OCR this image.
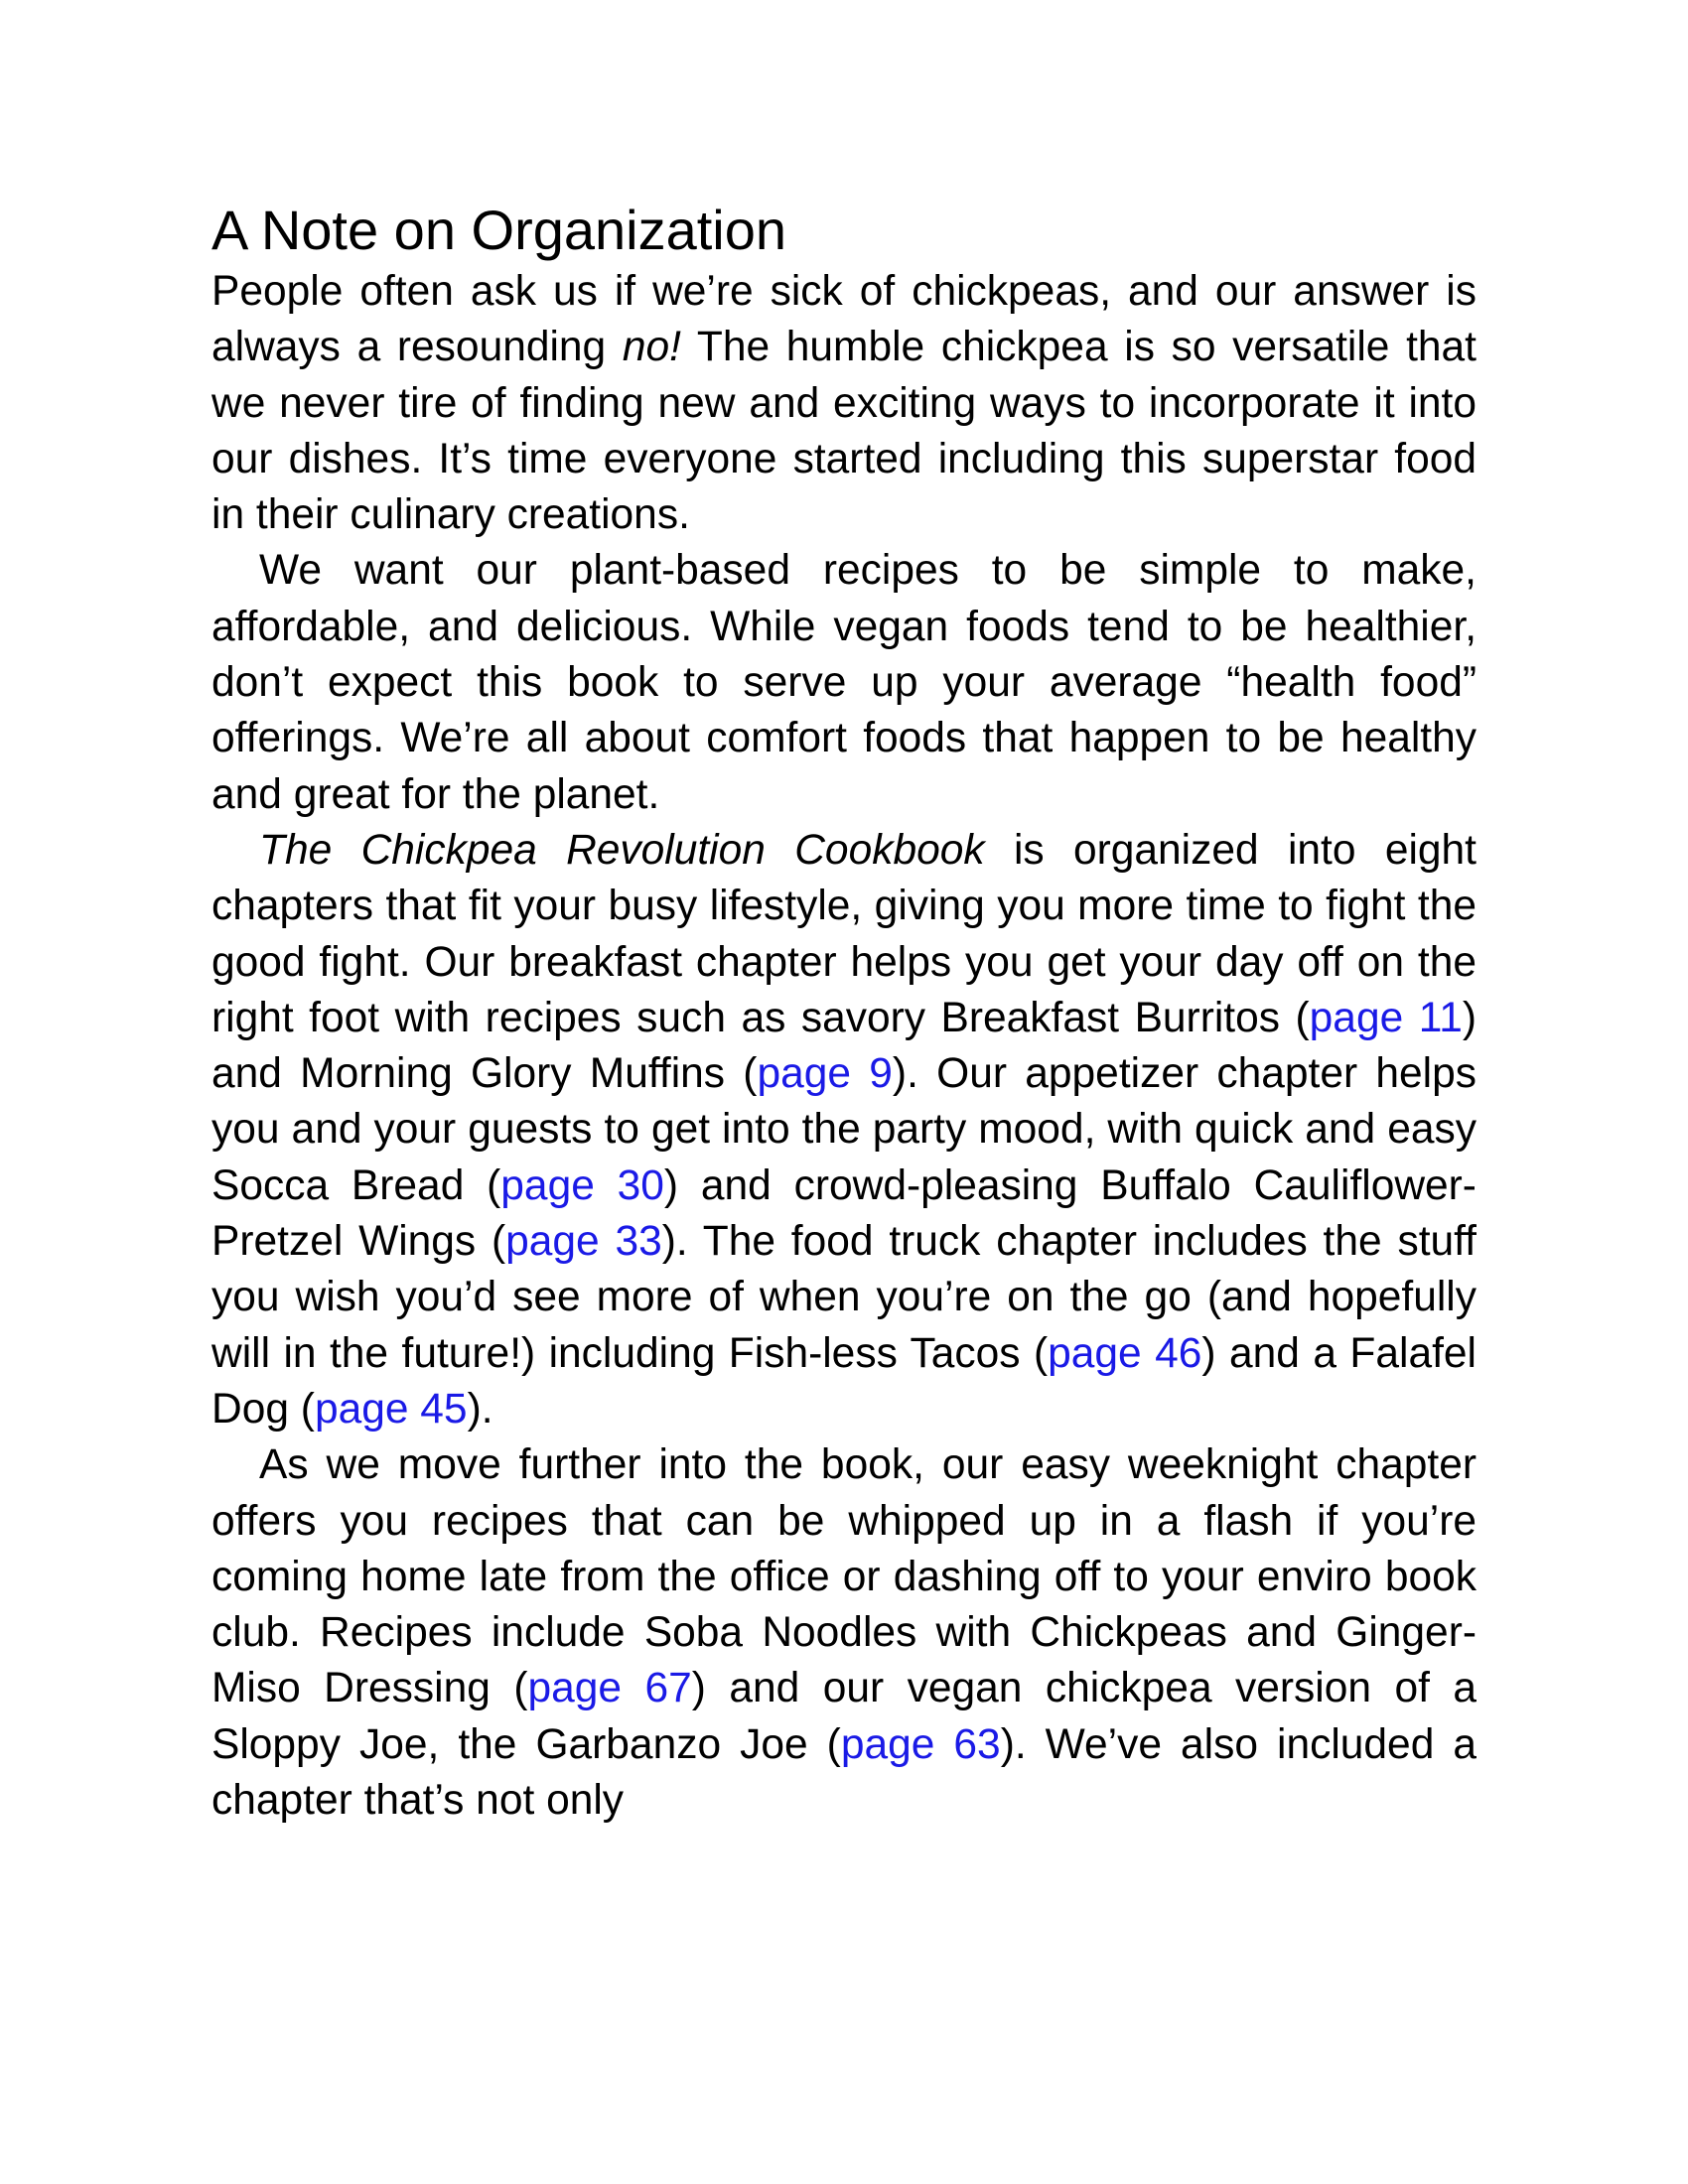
A Note on Organization

People often ask us if we’re sick of chickpeas, and our answer is always a resounding no! The humble chickpea is so versatile that we never tire of finding new and exciting ways to incorporate it into our dishes. It’s time everyone started including this superstar food in their culinary creations.

We want our plant-based recipes to be simple to make, affordable, and delicious. While vegan foods tend to be healthier, don’t expect this book to serve up your average “health food” offerings. We’re all about comfort foods that happen to be healthy and great for the planet.

The Chickpea Revolution Cookbook is organized into eight chapters that fit your busy lifestyle, giving you more time to fight the good fight. Our breakfast chapter helps you get your day off on the right foot with recipes such as savory Breakfast Burritos (page 11) and Morning Glory Muffins (page 9). Our appetizer chapter helps you and your guests to get into the party mood, with quick and easy Socca Bread (page 30) and crowd-pleasing Buffalo Cauliflower-Pretzel Wings (page 33). The food truck chapter includes the stuff you wish you’d see more of when you’re on the go (and hopefully will in the future!) including Fish-less Tacos (page 46) and a Falafel Dog (page 45).

As we move further into the book, our easy weeknight chapter offers you recipes that can be whipped up in a flash if you’re coming home late from the office or dashing off to your enviro book club. Recipes include Soba Noodles with Chickpeas and Ginger-Miso Dressing (page 67) and our vegan chickpea version of a Sloppy Joe, the Garbanzo Joe (page 63). We’ve also included a chapter that’s not only
